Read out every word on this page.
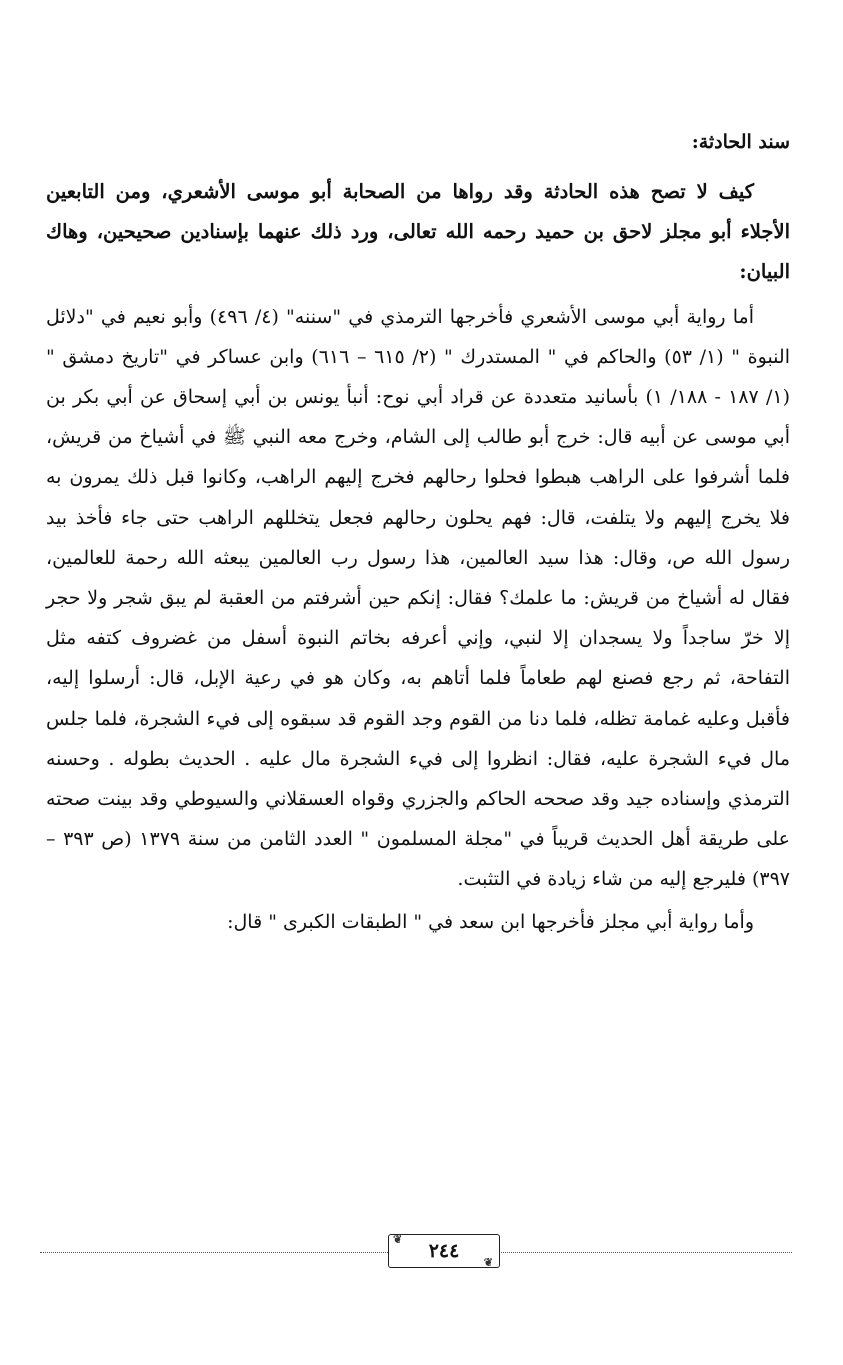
سند الحادثة:

كيف لا تصح هذه الحادثة وقد رواها من الصحابة أبو موسى الأشعري، ومن التابعين الأجلاء أبو مجلز لاحق بن حميد رحمه الله تعالى، ورد ذلك عنهما بإسنادين صحيحين، وهاك البيان:

أما رواية أبي موسى الأشعري فأخرجها الترمذي في "سننه" (٤/ ٤٩٦) وأبو نعيم في "دلائل النبوة " (١/ ٥٣) والحاكم في " المستدرك " (٢/ ٦١٥ – ٦١٦) وابن عساكر في "تاريخ دمشق " (١/ ١٨٧ - ١٨٨/ ١) بأسانيد متعددة عن قراد أبي نوح: أنبأ يونس بن أبي إسحاق عن أبي بكر بن أبي موسى عن أبيه قال: خرج أبو طالب إلى الشام، وخرج معه النبي ﷺ في أشياخ من قريش، فلما أشرفوا على الراهب هبطوا فحلوا رحالهم فخرج إليهم الراهب، وكانوا قبل ذلك يمرون به فلا يخرج إليهم ولا يتلفت، قال: فهم يحلون رحالهم فجعل يتخللهم الراهب حتى جاء فأخذ بيد رسول الله ص، وقال: هذا سيد العالمين، هذا رسول رب العالمين يبعثه الله رحمة للعالمين، فقال له أشياخ من قريش: ما علمك؟ فقال: إنكم حين أشرفتم من العقبة لم يبق شجر ولا حجر إلا خرّ ساجداً ولا يسجدان إلا لنبي، وإني أعرفه بخاتم النبوة أسفل من غضروف كتفه مثل التفاحة، ثم رجع فصنع لهم طعاماً فلما أتاهم به، وكان هو في رعية الإبل، قال: أرسلوا إليه، فأقبل وعليه غمامة تظله، فلما دنا من القوم وجد القوم قد سبقوه إلى فيء الشجرة، فلما جلس مال فيء الشجرة عليه، فقال: انظروا إلى فيء الشجرة مال عليه . الحديث بطوله . وحسنه الترمذي وإسناده جيد وقد صححه الحاكم والجزري وقواه العسقلاني والسيوطي وقد بينت صحته على طريقة أهل الحديث قريباً في "مجلة المسلمون " العدد الثامن من سنة ١٣٧٩ (ص ٣٩٣ – ٣٩٧) فليرجع إليه من شاء زيادة في التثبت.

وأما رواية أبي مجلز فأخرجها ابن سعد في " الطبقات الكبرى " قال:

❦
٢٤٤
❦
